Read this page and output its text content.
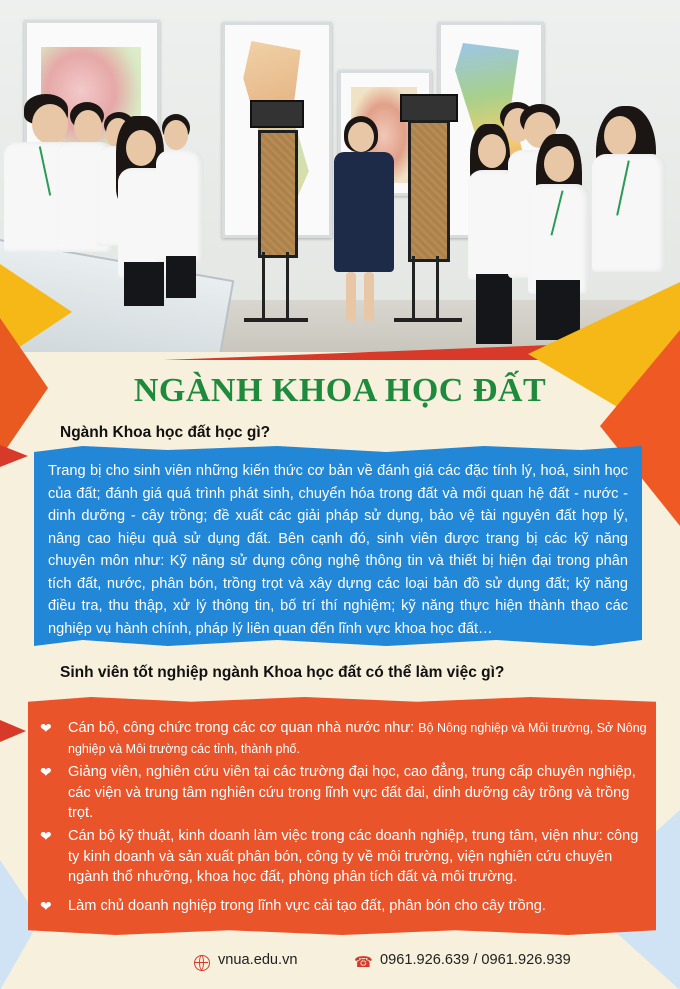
NGÀNH KHOA HỌC ĐẤT
Ngành Khoa học đất học gì?
Trang bị cho sinh viên những kiến thức cơ bản về đánh giá các đặc tính lý, hoá, sinh học của đất; đánh giá quá trình phát sinh, chuyển hóa trong đất và mối quan hệ đất - nước - dinh dưỡng - cây trồng; đề xuất các giải pháp sử dụng, bảo vệ tài nguyên đất hợp lý, nâng cao hiệu quả sử dụng đất. Bên cạnh đó, sinh viên được trang bị các kỹ năng chuyên môn như: Kỹ năng sử dụng công nghệ thông tin và thiết bị hiện đại trong phân tích đất, nước, phân bón, trồng trọt và xây dựng các loại bản đồ sử dụng đất; kỹ năng điều tra, thu thập, xử lý thông tin, bố trí thí nghiệm; kỹ năng thực hiện thành thạo các nghiệp vụ hành chính, pháp lý liên quan đến lĩnh vực khoa học đất…
Sinh viên tốt nghiệp ngành Khoa học đất có thể làm việc gì?
❤	Cán bộ, công chức trong các cơ quan nhà nước như: Bộ Nông nghiệp và Môi trường, Sở Nông nghiệp và Môi trường các tỉnh, thành phố.
❤	Giảng viên, nghiên cứu viên tại các trường đại học, cao đẳng, trung cấp chuyên nghiệp, các viện và trung tâm nghiên cứu trong lĩnh vực đất đai, dinh dưỡng cây trồng và trồng trọt.
❤	Cán bộ kỹ thuật, kinh doanh làm việc trong các doanh nghiệp, trung tâm, viện như: công ty kinh doanh và sản xuất phân bón, công ty về môi trường, viện nghiên cứu chuyên ngành thổ nhưỡng, khoa học đất, phòng phân tích đất và môi trường.
❤	Làm chủ doanh nghiệp trong lĩnh vực cải tạo đất, phân bón cho cây trồng.
vnua.edu.vn	☎ 0961.926.639 / 0961.926.939
